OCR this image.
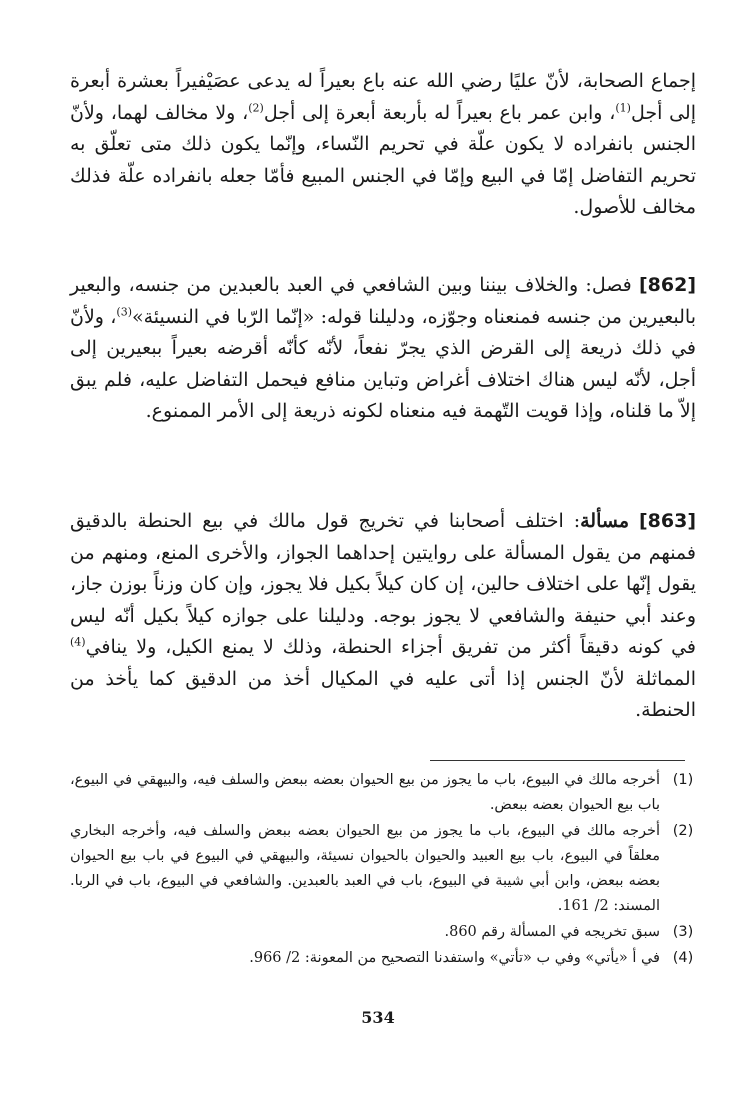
إجماع الصحابة، لأنّ عليًا رضي الله عنه باع بعيراً له يدعى عصَيْفيراً بعشرة أبعرة إلى أجل$^{(1)}$، وابن عمر باع بعيراً له بأربعة أبعرة إلى أجل$^{(2)}$، ولا مخالف لهما، ولأنّ الجنس بانفراده لا يكون علّة في تحريم النّساء، وإنّما يكون ذلك متى تعلّق به تحريم التفاضل إمّا في البيع وإمّا في الجنس المبيع فأمّا جعله بانفراده علّة فذلك مخالف للأصول.

[862] فصل: والخلاف بيننا وبين الشافعي في العبد بالعبدين من جنسه، والبعير بالبعيرين من جنسه فمنعناه وجوّزه، ودليلنا قوله: «إنّما الرّبا في النسيئة»$^{(3)}$، ولأنّ في ذلك ذريعة إلى القرض الذي يجرّ نفعاً، لأنّه كأنّه أقرضه بعيراً ببعيرين إلى أجل، لأنّه ليس هناك اختلاف أغراض وتباين منافع فيحمل التفاضل عليه، فلم يبق إلاّ ما قلناه، وإذا قويت التّهمة فيه منعناه لكونه ذريعة إلى الأمر الممنوع.

[863] مسألة: اختلف أصحابنا في تخريج قول مالك في بيع الحنطة بالدقيق فمنهم من يقول المسألة على روايتين إحداهما الجواز، والأخرى المنع، ومنهم من يقول إنّها على اختلاف حالين، إن كان كيلاً بكيل فلا يجوز، وإن كان وزناً بوزن جاز، وعند أبي حنيفة والشافعي لا يجوز بوجه. ودليلنا على جوازه كيلاً بكيل أنّه ليس في كونه دقيقاً أكثر من تفريق أجزاء الحنطة، وذلك لا يمنع الكيل، ولا ينافي$^{(4)}$ المماثلة لأنّ الجنس إذا أتى عليه في المكيال أخذ من الدقيق كما يأخذ من الحنطة.

(1)
أخرجه مالك في البيوع، باب ما يجوز من بيع الحيوان بعضه ببعض والسلف فيه، والبيهقي في البيوع، باب بيع الحيوان بعضه ببعض.
(2)
أخرجه مالك في البيوع، باب ما يجوز من بيع الحيوان بعضه ببعض والسلف فيه، وأخرجه البخاري معلقاً في البيوع، باب بيع العبيد والحيوان بالحيوان نسيئة، والبيهقي في البيوع في باب بيع الحيوان بعضه ببعض، وابن أبي شيبة في البيوع، باب في العبد بالعبدين. والشافعي في البيوع، باب في الربا. المسند: 2/ 161.
(3)
سبق تخريجه في المسألة رقم 860.
(4)
في أ «يأتي» وفي ب «تأتي» واستفدنا التصحيح من المعونة: 2/ 966.
534
